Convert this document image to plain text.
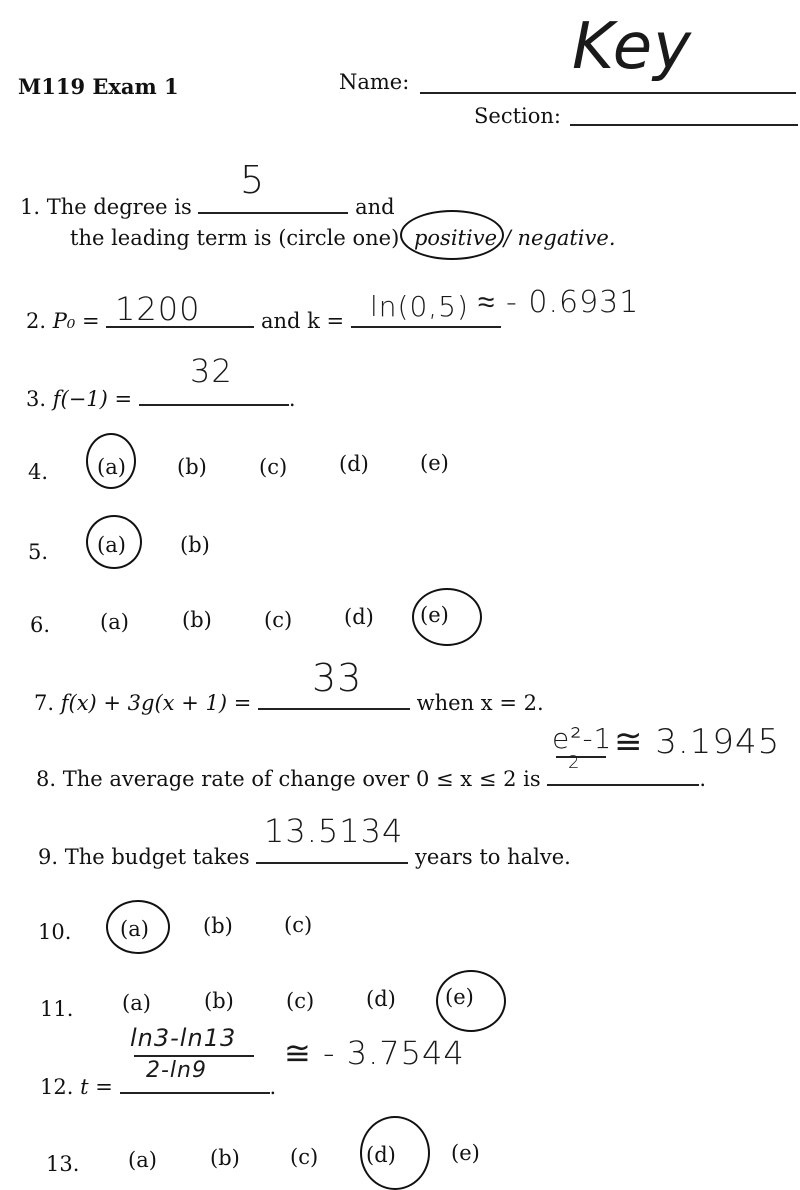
M119 Exam 1	Name:	Key
Section:
1. The degree is	and
5
the leading term is (circle one) positive / negative.
2. P₀ =	and k =
1200	ln(0,5) ≈ - 0.6931
3. f(−1) =	.
32
4. (a) (b) (c) (d) (e)
5. (a)	(b)
6. (a)	(b) (c) (d) (e)
7. f(x) + 3g(x + 1) =	when x = 2.
33
8. The average rate of change over 0 ≤ x ≤ 2 is	.
e²-1
2
≅ 3.1945
9. The budget takes	years to halve.
13.5134
10. (a)	(b) (c)
11. (a)	(b) (c) (d) (e)
12. t =	.
ln3-ln13
2-ln9 ≅ - 3.7544
13. (a)	(b) (c) (d)	(e)
